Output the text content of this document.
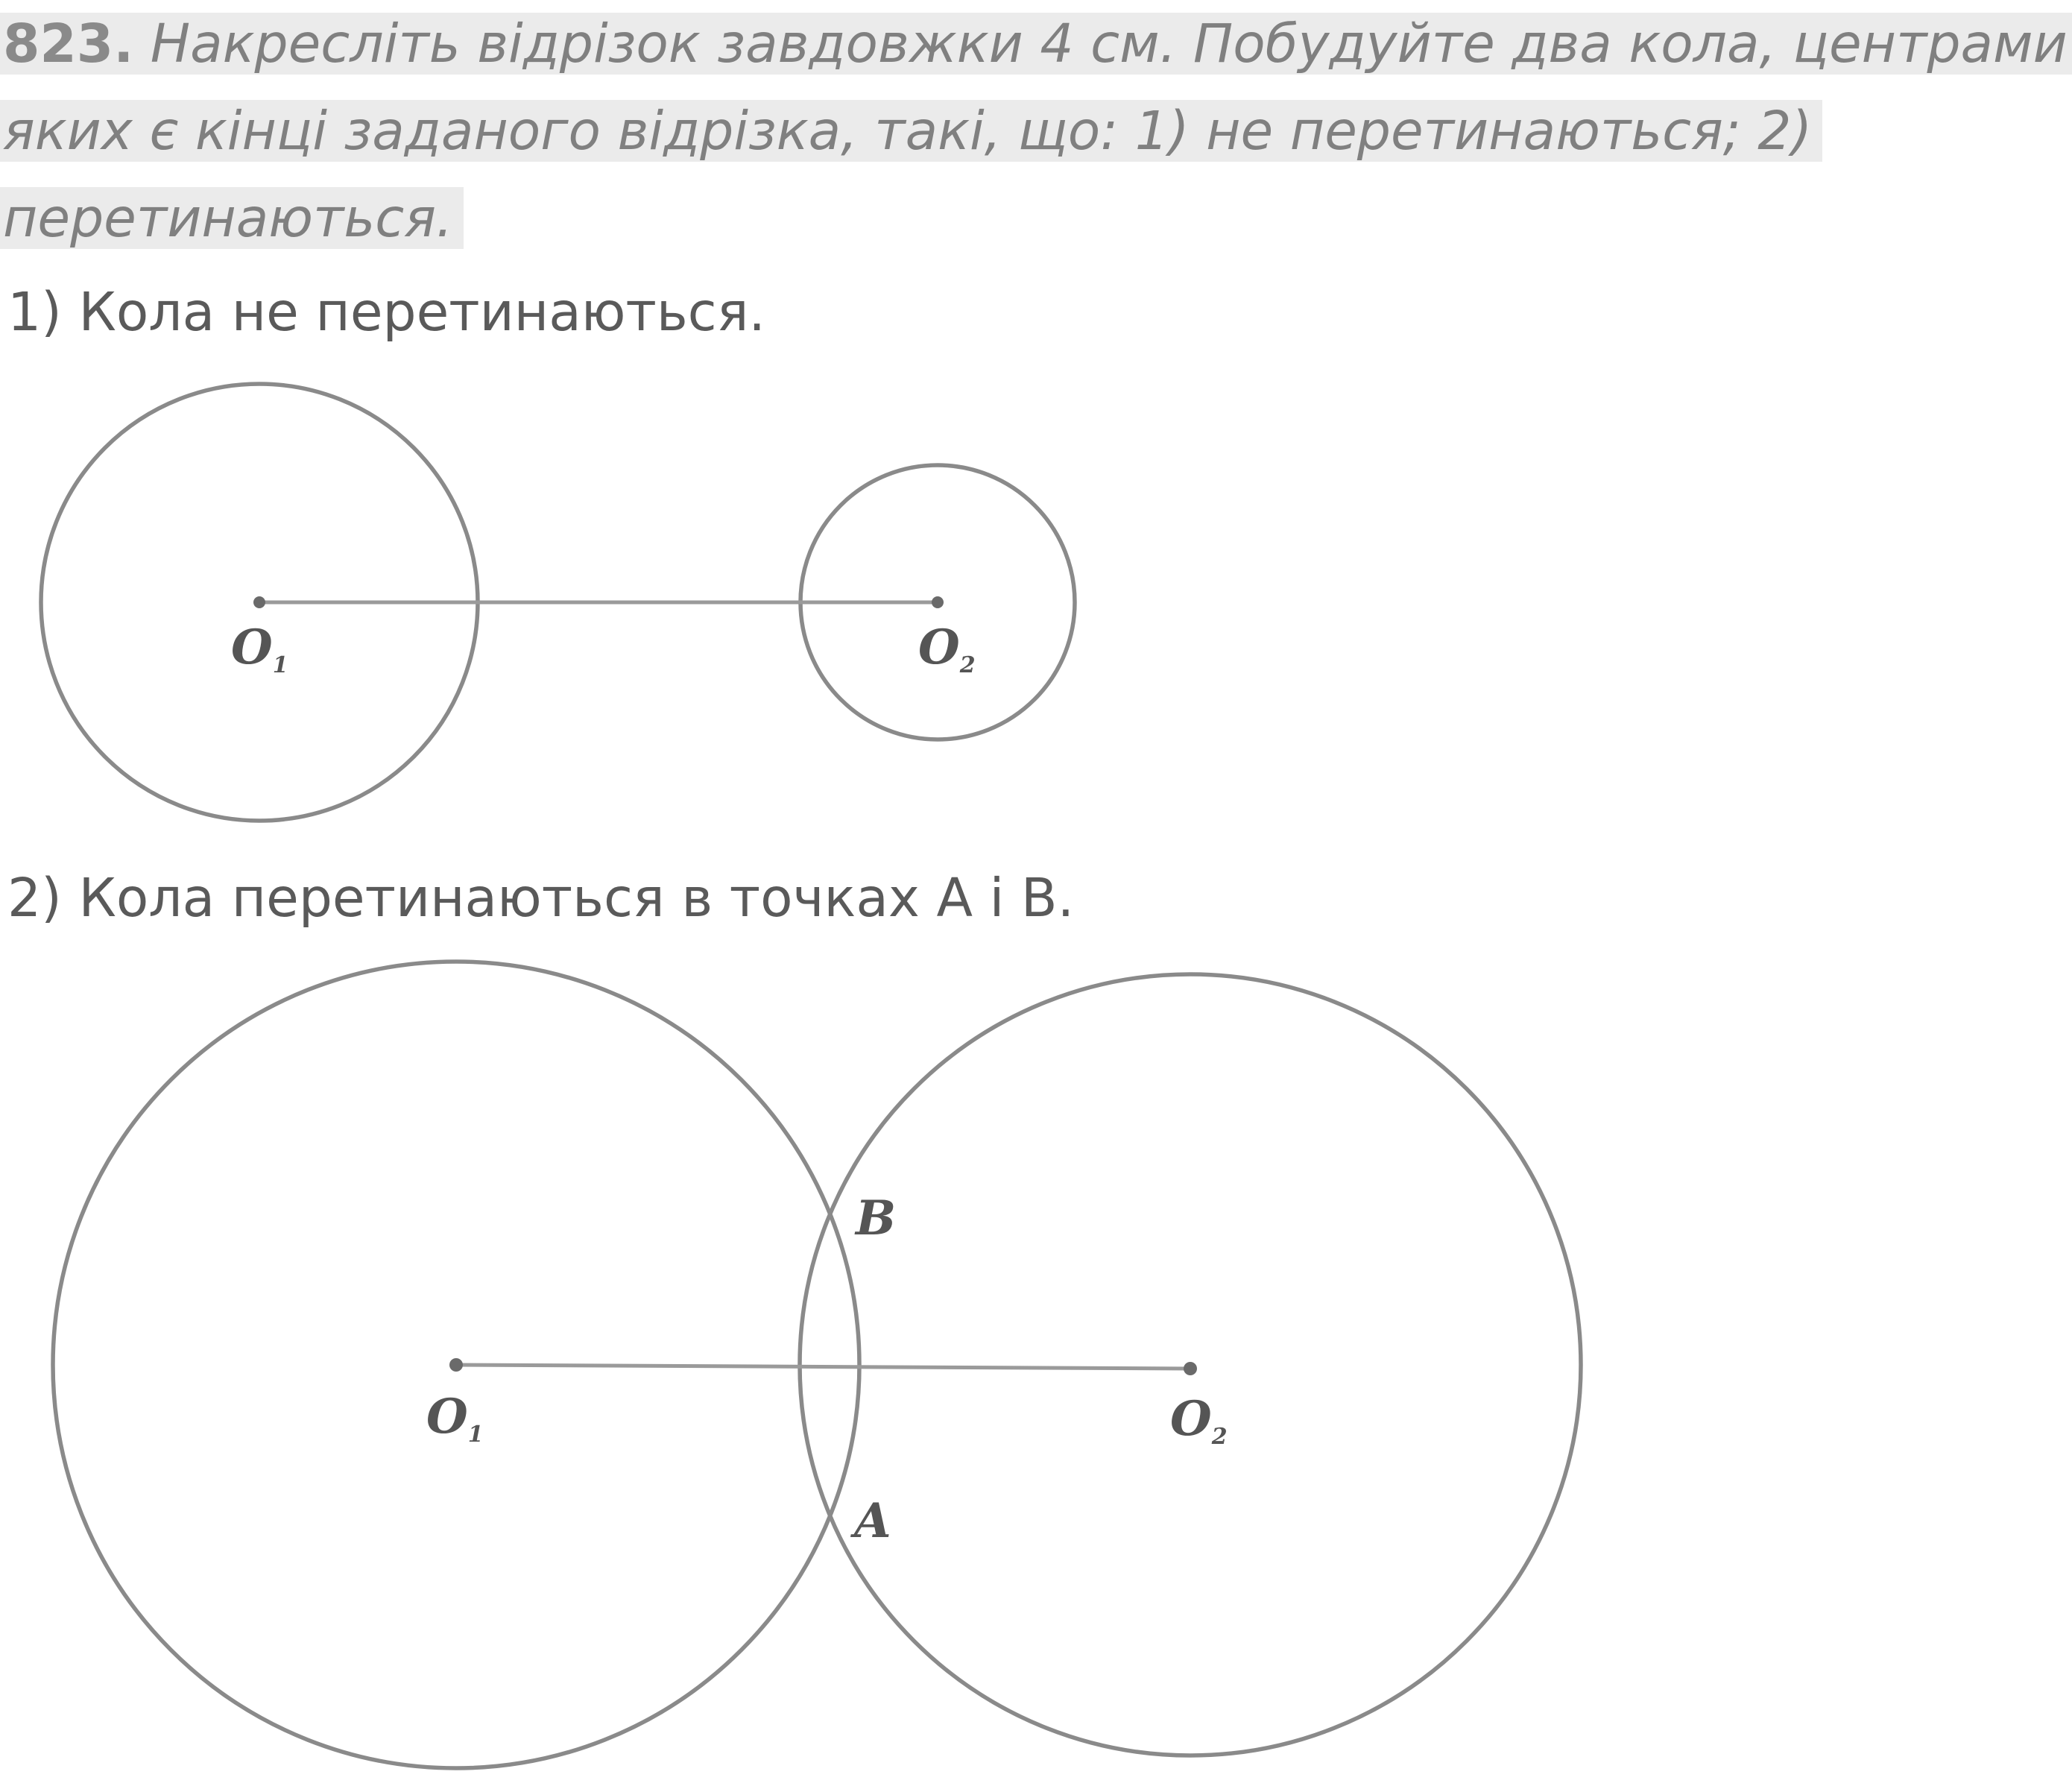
823. Накресліть відрізок завдовжки 4 см. Побудуйте два кола, центрами яких є кінці заданого відрізка, такі, що: 1) не перетинаються; 2) перетинаються.

1) Кола не перетинаються.

2) Кола перетинаються в точках A і B.

O1	O2
O1	O2
B
A
